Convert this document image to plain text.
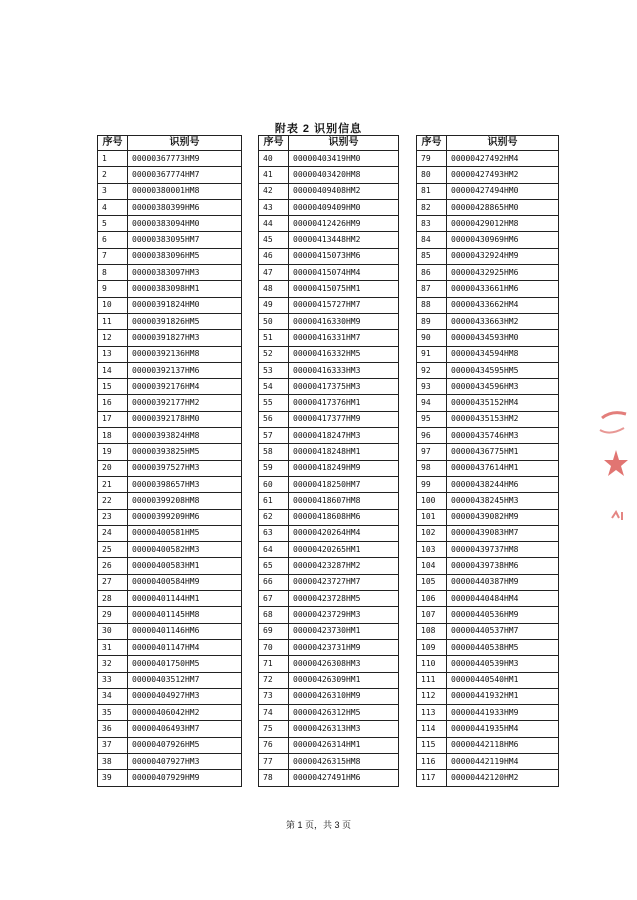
附表 2 识别信息
序号	识别号
1	00000367773HM9
2	00000367774HM7
3	00000380001HM8
4	00000380399HM6
5	00000383094HM0
6	00000383095HM7
7	00000383096HM5
8	00000383097HM3
9	00000383098HM1
10	00000391824HM0
11	00000391826HM5
12	00000391827HM3
13	00000392136HM8
14	00000392137HM6
15	00000392176HM4
16	00000392177HM2
17	00000392178HM0
18	00000393824HM8
19	00000393825HM5
20	00000397527HM3
21	00000398657HM3
22	00000399208HM8
23	00000399209HM6
24	00000400581HM5
25	00000400582HM3
26	00000400583HM1
27	00000400584HM9
28	00000401144HM1
29	00000401145HM8
30	00000401146HM6
31	00000401147HM4
32	00000401750HM5
33	00000403512HM7
34	00000404927HM3
35	00000406042HM2
36	00000406493HM7
37	00000407926HM5
38	00000407927HM3
39	00000407929HM9
序号	识别号
40	00000403419HM0
41	00000403420HM8
42	00000409408HM2
43	00000409409HM0
44	00000412426HM9
45	00000413448HM2
46	00000415073HM6
47	00000415074HM4
48	00000415075HM1
49	00000415727HM7
50	00000416330HM9
51	00000416331HM7
52	00000416332HM5
53	00000416333HM3
54	00000417375HM3
55	00000417376HM1
56	00000417377HM9
57	00000418247HM3
58	00000418248HM1
59	00000418249HM9
60	00000418250HM7
61	00000418607HM8
62	00000418608HM6
63	00000420264HM4
64	00000420265HM1
65	00000423287HM2
66	00000423727HM7
67	00000423728HM5
68	00000423729HM3
69	00000423730HM1
70	00000423731HM9
71	00000426308HM3
72	00000426309HM1
73	00000426310HM9
74	00000426312HM5
75	00000426313HM3
76	00000426314HM1
77	00000426315HM8
78	00000427491HM6
序号	识别号
79	00000427492HM4
80	00000427493HM2
81	00000427494HM0
82	00000428865HM0
83	00000429012HM8
84	00000430969HM6
85	00000432924HM9
86	00000432925HM6
87	00000433661HM6
88	00000433662HM4
89	00000433663HM2
90	00000434593HM0
91	00000434594HM8
92	00000434595HM5
93	00000434596HM3
94	00000435152HM4
95	00000435153HM2
96	00000435746HM3
97	00000436775HM1
98	00000437614HM1
99	00000438244HM6
100	00000438245HM3
101	00000439082HM9
102	00000439083HM7
103	00000439737HM8
104	00000439738HM6
105	00000440387HM9
106	00000440484HM4
107	00000440536HM9
108	00000440537HM7
109	00000440538HM5
110	00000440539HM3
111	00000440540HM1
112	00000441932HM1
113	00000441933HM9
114	00000441935HM4
115	00000442118HM6
116	00000442119HM4
117	00000442120HM2
第 1 页，共 3 页
